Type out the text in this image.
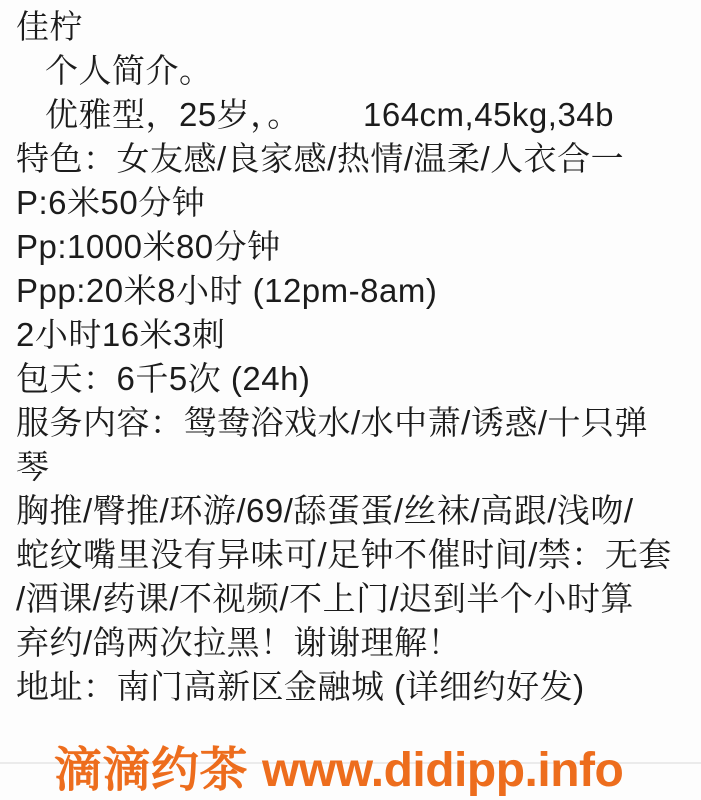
佳柠
个人简介。
优雅型，25岁，。 164cm,45kg,34b
特色：女友感/良家感/热情/温柔/人衣合一
P:6米50分钟
Pp:1000米80分钟
Ppp:20米8小时 (12pm-8am)
2小时16米3刺
包天：6千5次 (24h)
服务内容：鸳鸯浴戏水/水中萧/诱惑/十只弹
琴
胸推/臀推/环游/69/舔蛋蛋/丝袜/高跟/浅吻/
蛇纹嘴里没有异味可/足钟不催时间/禁：无套
/酒课/药课/不视频/不上门/迟到半个小时算
弃约/鸽两次拉黑！谢谢理解！
地址：南门高新区金融城 (详细约好发)
滴滴约茶 www.didipp.info
